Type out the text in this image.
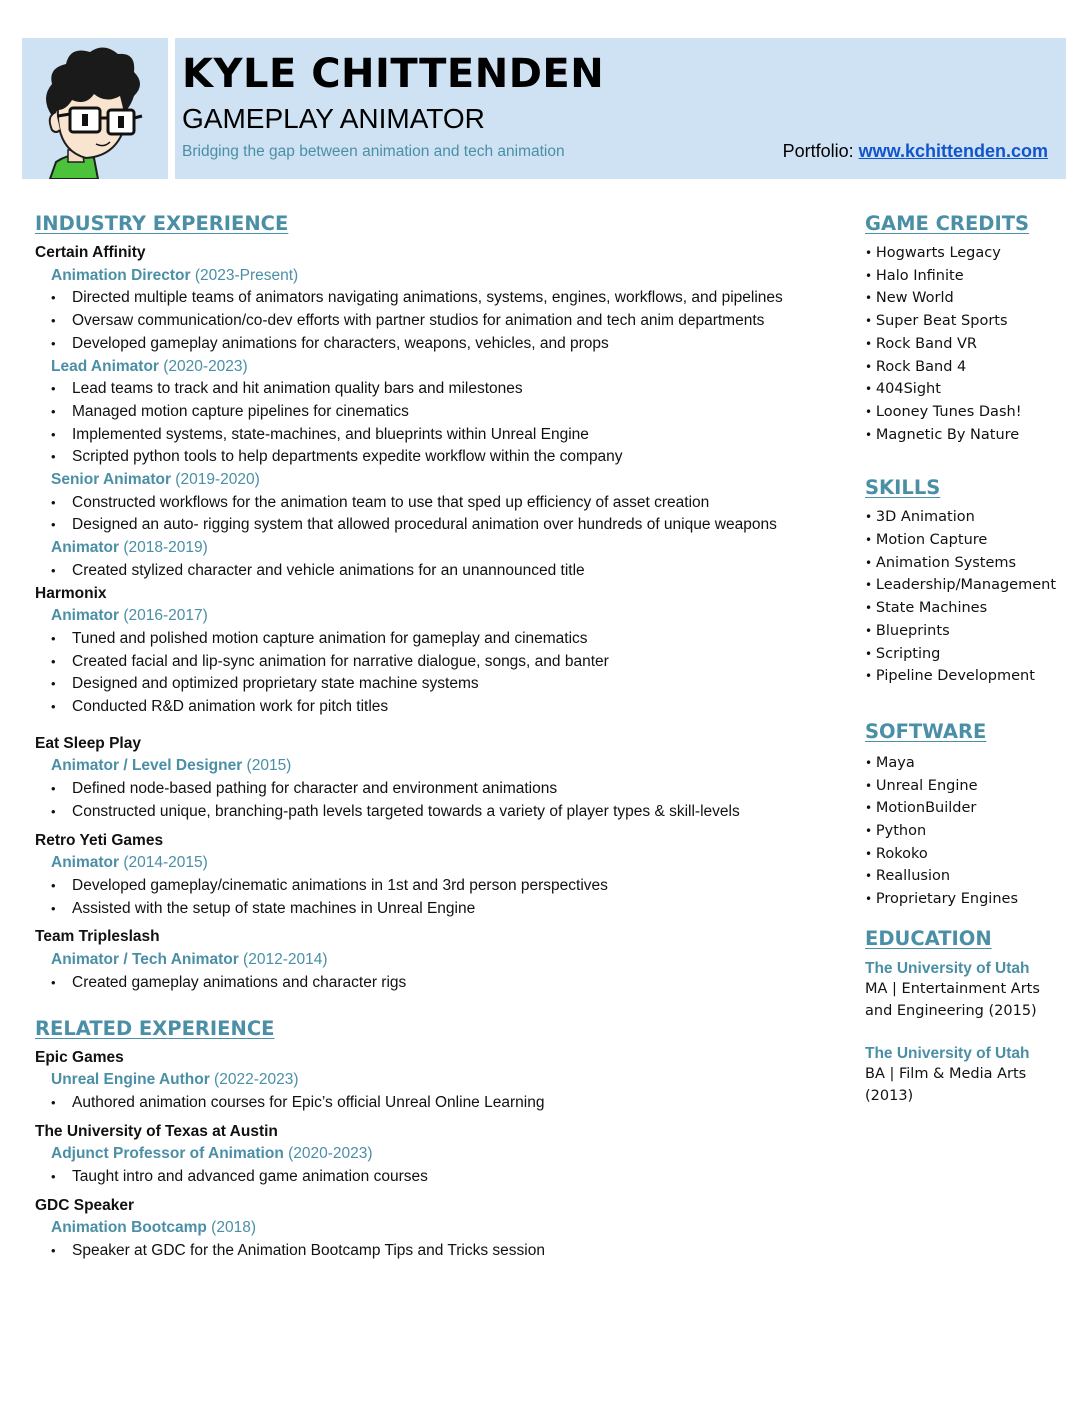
KYLE CHITTENDEN
GAMEPLAY ANIMATOR
Bridging the gap between animation and tech animation	Portfolio: www.kchittenden.com
INDUSTRY EXPERIENCE
Certain Affinity
Animation Director (2023-Present)
• Directed multiple teams of animators navigating animations, systems, engines, workflows, and pipelines
• Oversaw communication/co-dev efforts with partner studios for animation and tech anim departments
• Developed gameplay animations for characters, weapons, vehicles, and props
Lead Animator (2020-2023)
• Lead teams to track and hit animation quality bars and milestones
• Managed motion capture pipelines for cinematics
• Implemented systems, state-machines, and blueprints within Unreal Engine
• Scripted python tools to help departments expedite workflow within the company
Senior Animator (2019-2020)
• Constructed workflows for the animation team to use that sped up efficiency of asset creation
• Designed an auto- rigging system that allowed procedural animation over hundreds of unique weapons
Animator (2018-2019)
• Created stylized character and vehicle animations for an unannounced title
Harmonix
Animator (2016-2017)
• Tuned and polished motion capture animation for gameplay and cinematics
• Created facial and lip-sync animation for narrative dialogue, songs, and banter
• Designed and optimized proprietary state machine systems
• Conducted R&D animation work for pitch titles
Eat Sleep Play
Animator / Level Designer (2015)
• Defined node-based pathing for character and environment animations
• Constructed unique, branching-path levels targeted towards a variety of player types & skill-levels
Retro Yeti Games
Animator (2014-2015)
• Developed gameplay/cinematic animations in 1st and 3rd person perspectives
• Assisted with the setup of state machines in Unreal Engine
Team Tripleslash
Animator / Tech Animator (2012-2014)
• Created gameplay animations and character rigs
RELATED EXPERIENCE
Epic Games
Unreal Engine Author (2022-2023)
• Authored animation courses for Epic’s official Unreal Online Learning
The University of Texas at Austin
Adjunct Professor of Animation (2020-2023)
• Taught intro and advanced game animation courses
GDC Speaker
Animation Bootcamp (2018)
• Speaker at GDC for the Animation Bootcamp Tips and Tricks session
GAME CREDITS
• Hogwarts Legacy
• Halo Infinite
• New World
• Super Beat Sports
• Rock Band VR
• Rock Band 4
• 404Sight
• Looney Tunes Dash!
• Magnetic By Nature
SKILLS
• 3D Animation
• Motion Capture
• Animation Systems
• Leadership/Management
• State Machines
• Blueprints
• Scripting
• Pipeline Development
SOFTWARE
• Maya
• Unreal Engine
• MotionBuilder
• Python
• Rokoko
• Reallusion
• Proprietary Engines
EDUCATION
The University of Utah
MA | Entertainment Arts
and Engineering (2015)
The University of Utah
BA | Film & Media Arts
(2013)
